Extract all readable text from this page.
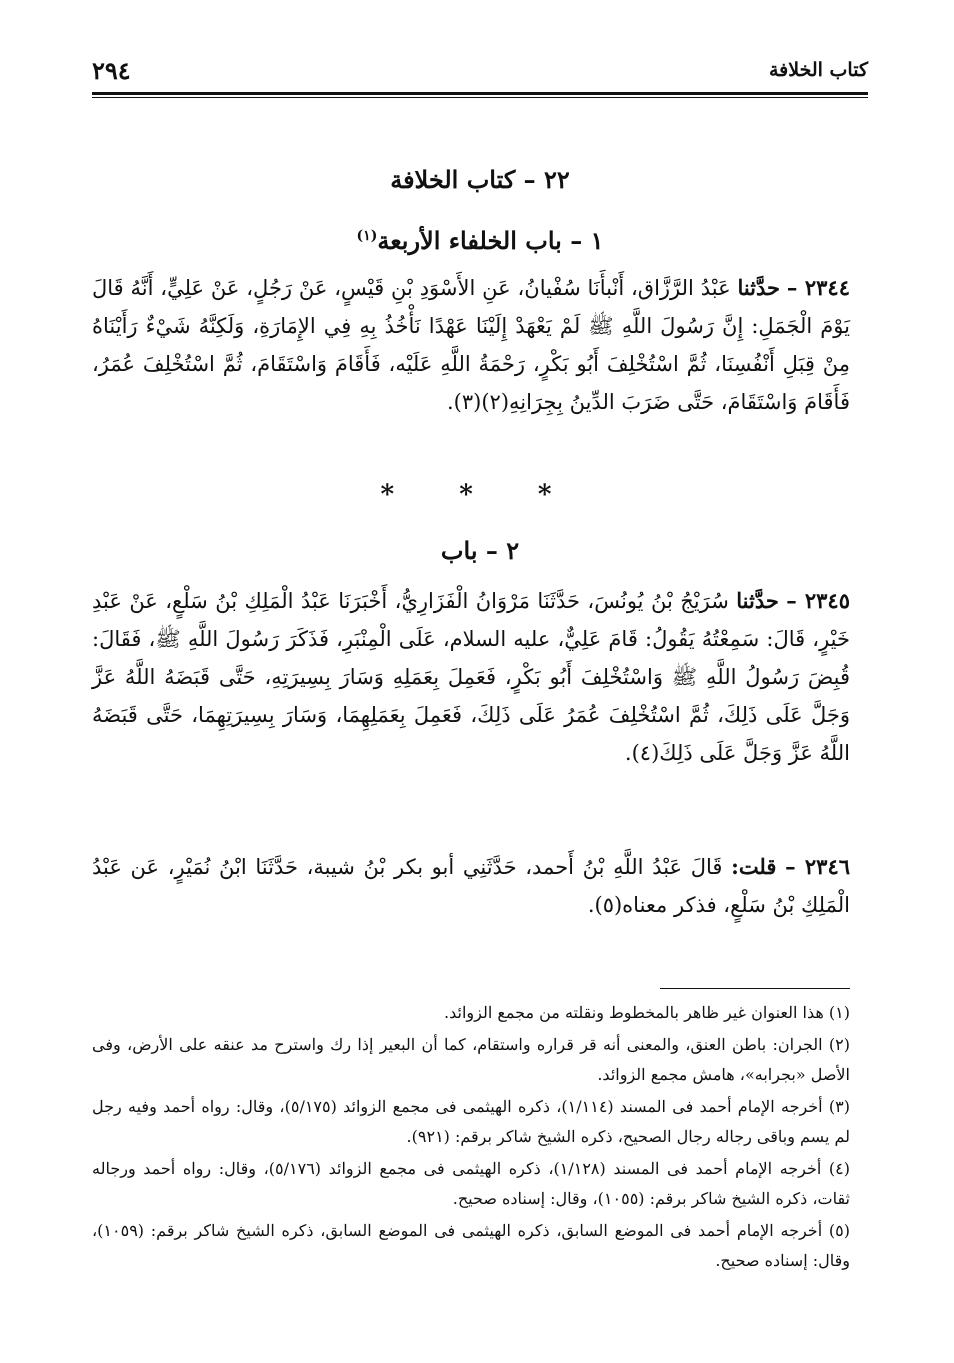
٢٩٤	كتاب الخلافة
٢٢ – كتاب الخلافة
١ – باب الخلفاء الأربعة$^{(١)}$

٢٣٤٤ – حدَّثنا عَبْدُ الرَّزَّاق، أَنْبأَنَا سُفْيانُ، عَنِ الأَسْوَدِ بْنِ قَيْسٍ، عَنْ رَجُلٍ، عَنْ عَلِيٍّ، أَنَّهُ قَالَ يَوْمَ الْجَمَلِ: إِنَّ رَسُولَ اللَّهِ ﷺ لَمْ يَعْهَدْ إِلَيْنَا عَهْدًا نَأْخُذُ بِهِ فِي الإِمَارَةِ، وَلَكِنَّهُ شَيْءٌ رَأَيْنَاهُ مِنْ قِبَلِ أَنْفُسِنَا، ثُمَّ اسْتُخْلِفَ أَبُو بَكْرٍ، رَحْمَةُ اللَّهِ عَلَيْه، فَأَقَامَ وَاسْتَقَامَ، ثُمَّ اسْتُخْلِفَ عُمَرُ، فَأَقَامَ وَاسْتَقَامَ، حَتَّى ضَرَبَ الدِّينُ بِجِرَانِهِ(٢)(٣).

* * *
٢ – باب

٢٣٤٥ – حدَّثنا سُرَيْجُ بْنُ يُونُسَ، حَدَّثَنَا مَرْوَانُ الْفَزَارِيُّ، أَخْبَرَنَا عَبْدُ الْمَلِكِ بْنُ سَلْعٍ، عَنْ عَبْدِ خَيْرٍ، قَالَ: سَمِعْتُهُ يَقُولُ: قَامَ عَلِيٌّ، عليه السلام، عَلَى الْمِنْبَرِ، فَذَكَرَ رَسُولَ اللَّهِ ﷺ، فَقَالَ: قُبِضَ رَسُولُ اللَّهِ ﷺ وَاسْتُخْلِفَ أَبُو بَكْرٍ، فَعَمِلَ بِعَمَلِهِ وَسَارَ بِسِيرَتِهِ، حَتَّى قَبَضَهُ اللَّهُ عَزَّ وَجَلَّ عَلَى ذَلِكَ، ثُمَّ اسْتُخْلِفَ عُمَرُ عَلَى ذَلِكَ، فَعَمِلَ بِعَمَلِهِمَا، وَسَارَ بِسِيرَتِهِمَا، حَتَّى قَبَضَهُ اللَّهُ عَزَّ وَجَلَّ عَلَى ذَلِكَ(٤).

٢٣٤٦ – قلت: قَالَ عَبْدُ اللَّهِ بْنُ أَحمد، حَدَّثَنِي أبو بكر بْنُ شيبة، حَدَّثَنَا ابْنُ نُمَيْرٍ، عَن عَبْدُ الْمَلِكِ بْنُ سَلْعٍ، فذكر معناه(٥).

(١) هذا العنوان غير ظاهر بالمخطوط ونقلته من مجمع الزوائد.

(٢) الجران: باطن العنق، والمعنى أنه قر قراره واستقام، كما أن البعير إذا رك واسترح مد عنقه على الأرض، وفى الأصل «بجرابه»، هامش مجمع الزوائد.

(٣) أخرجه الإمام أحمد فى المسند (١/١١٤)، ذكره الهيثمى فى مجمع الزوائد (٥/١٧٥)، وقال: رواه أحمد وفيه رجل لم يسم وباقى رجاله رجال الصحيح، ذكره الشيخ شاكر برقم: (٩٢١).

(٤) أخرجه الإمام أحمد فى المسند (١/١٢٨)، ذكره الهيثمى فى مجمع الزوائد (٥/١٧٦)، وقال: رواه أحمد ورجاله ثقات، ذكره الشيخ شاكر برقم: (١٠٥٥)، وقال: إسناده صحيح.

(٥) أخرجه الإمام أحمد فى الموضع السابق، ذكره الهيثمى فى الموضع السابق، ذكره الشيخ شاكر برقم: (١٠٥٩)، وقال: إسناده صحيح.
